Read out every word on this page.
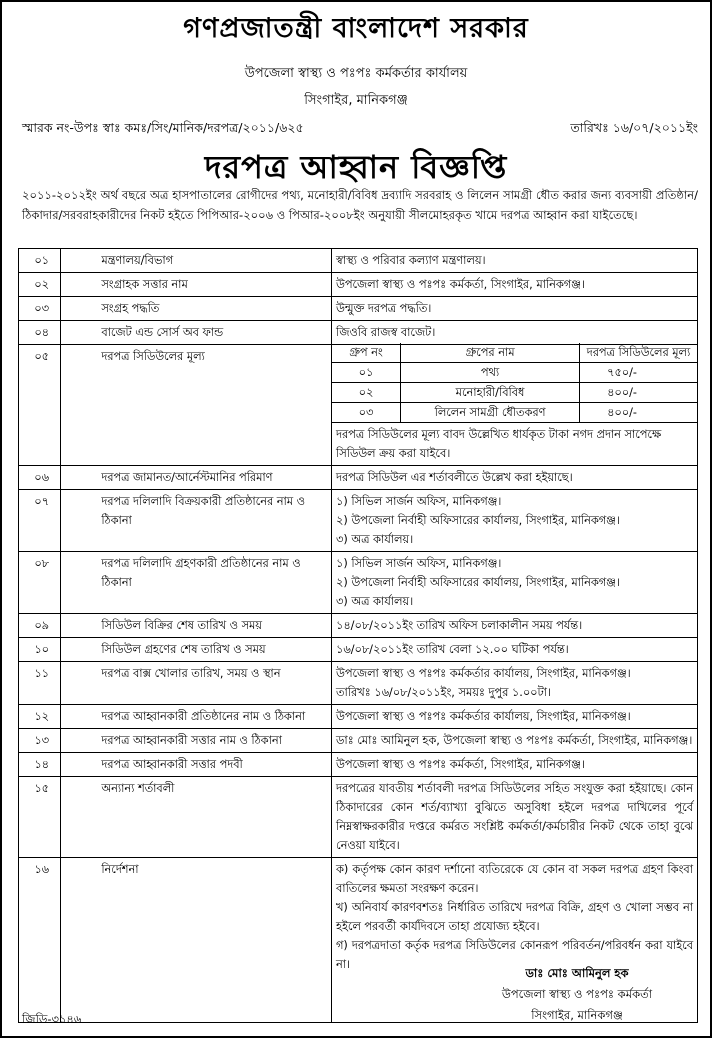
গণপ্রজাতন্ত্রী বাংলাদেশ সরকার
উপজেলা স্বাস্থ্য ও পঃপঃ কর্মকর্তার কার্যালয়
সিংগাইর, মানিকগঞ্জ
স্মারক নং-উপঃ স্বাঃ কমঃ/সিং/মানিক/দরপত্র/২০১১/৬২৫	তারিখঃ ১৬/০৭/২০১১ইং
দরপত্র আহ্বান বিজ্ঞপ্তি
২০১১-২০১২ইং অর্থ বছরে অত্র হাসপাতালের রোগীদের পথ্য, মনোহারী/বিবিধ দ্রব্যাদি সরবরাহ ও লিলেন সামগ্রী ধৌত করার জন্য ব্যবসায়ী প্রতিষ্ঠান/ঠিকাদার/সরবরাহকারীদের নিকট হইতে পিপিআর-২০০৬ ও পিআর-২০০৮ইং অনুযায়ী সীলমোহরকৃত খামে দরপত্র আহ্বান করা যাইতেছে।
০১	মন্ত্রণালয়/বিভাগ	স্বাস্থ্য ও পরিবার কল্যাণ মন্ত্রণালয়।

০২	সংগ্রাহক সত্তার নাম	উপজেলা স্বাস্থ্য ও পঃপঃ কর্মকর্তা, সিংগাইর, মানিকগঞ্জ।

০৩	সংগ্রহ পদ্ধতি	উন্মুক্ত দরপত্র পদ্ধতি।

০৪	বাজেট এন্ড সোর্স অব ফান্ড	জিওবি রাজস্ব বাজেট।

০৫	দরপত্র সিডিউলের মূল্য		গ্রুপ নং	গ্রুপের নাম	দরপত্র সিডিউলের মূল্য
০১	পথ্য	৭৫০/-
০২	মনোহারী/বিবিধ	৪০০/-
০৩	লিলেন সামগ্রী ধৌতকরণ	৪০০/-
দরপত্র সিডিউলের মূল্য বাবদ উল্লেখিত ধার্যকৃত টাকা নগদ প্রদান সাপেক্ষে সিডিউল ক্রয় করা যাইবে।

০৬	দরপত্র জামানত/আর্নেস্টমানির পরিমাণ	দরপত্র সিডিউল এর শর্তাবলীতে উল্লেখ করা হইয়াছে।

০৭	দরপত্র দলিলাদি বিক্রয়কারী প্রতিষ্ঠানের নাম ও ঠিকানা	
১) সিভিল সার্জন অফিস, মানিকগঞ্জ।
২) উপজেলা নির্বাহী অফিসারের কার্যালয়, সিংগাইর, মানিকগঞ্জ।
৩) অত্র কার্যালয়।

০৮	দরপত্র দলিলাদি গ্রহণকারী প্রতিষ্ঠানের নাম ও ঠিকানা	
১) সিভিল সার্জন অফিস, মানিকগঞ্জ।
২) উপজেলা নির্বাহী অফিসারের কার্যালয়, সিংগাইর, মানিকগঞ্জ।
৩) অত্র কার্যালয়।

০৯	সিডিউল বিক্রির শেষ তারিখ ও সময়	১৪/০৮/২০১১ইং তারিখ অফিস চলাকালীন সময় পর্যন্ত।

১০	সিডিউল গ্রহণের শেষ তারিখ ও সময়	১৬/০৮/২০১১ইং তারিখ বেলা ১২.০০ ঘটিকা পর্যন্ত।

১১	দরপত্র বাক্স খোলার তারিখ, সময় ও স্থান	উপজেলা স্বাস্থ্য ও পঃপঃ কর্মকর্তার কার্যালয়, সিংগাইর, মানিকগঞ্জ।
তারিখঃ ১৬/০৮/২০১১ইং, সময়ঃ দুপুর ১.০০টা।

১২	দরপত্র আহ্বানকারী প্রতিষ্ঠানের নাম ও ঠিকানা	উপজেলা স্বাস্থ্য ও পঃপঃ কর্মকর্তার কার্যালয়, সিংগাইর, মানিকগঞ্জ।

১৩	দরপত্র আহ্বানকারী সত্তার নাম ও ঠিকানা	ডাঃ মোঃ আমিনুল হক, উপজেলা স্বাস্থ্য ও পঃপঃ কর্মকর্তা, সিংগাইর, মানিকগঞ্জ।

১৪	দরপত্র আহ্বানকারী সত্তার পদবী	উপজেলা স্বাস্থ্য ও পঃপঃ কর্মকর্তা, সিংগাইর, মানিকগঞ্জ।

১৫	অন্যান্য শর্তাবলী	দরপত্রের যাবতীয় শর্তাবলী দরপত্র সিডিউলের সহিত সংযুক্ত করা হইয়াছে। কোন ঠিকাদারের কোন শর্ত/ব্যাখ্যা বুঝিতে অসুবিধা হইলে দরপত্র দাখিলের পূর্বে নিম্নস্বাক্ষরকারীর দপ্তরে কর্মরত সংশ্লিষ্ট কর্মকর্তা/কর্মচারীর নিকট থেকে তাহা বুঝে নেওয়া যাইবে।

১৬	নির্দেশনা	ক) কর্তৃপক্ষ কোন কারণ দর্শানো ব্যতিরেকে যে কোন বা সকল দরপত্র গ্রহণ কিংবা বাতিলের ক্ষমতা সংরক্ষণ করেন।
খ) অনিবার্য কারণবশতঃ নির্ধারিত তারিখে দরপত্র বিক্রি, গ্রহণ ও খোলা সম্ভব না হইলে পরবর্তী কার্যদিবসে তাহা প্রযোজ্য হইবে।
গ) দরপত্রদাতা কর্তৃক দরপত্র সিডিউলের কোনরূপ পরিবর্তন/পরিবর্ধন করা যাইবে না।
ডাঃ মোঃ আমিনুল হক
উপজেলা স্বাস্থ্য ও পঃপঃ কর্মকর্তা
সিংগাইর, মানিকগঞ্জ
জিডি-৩১৪৬
